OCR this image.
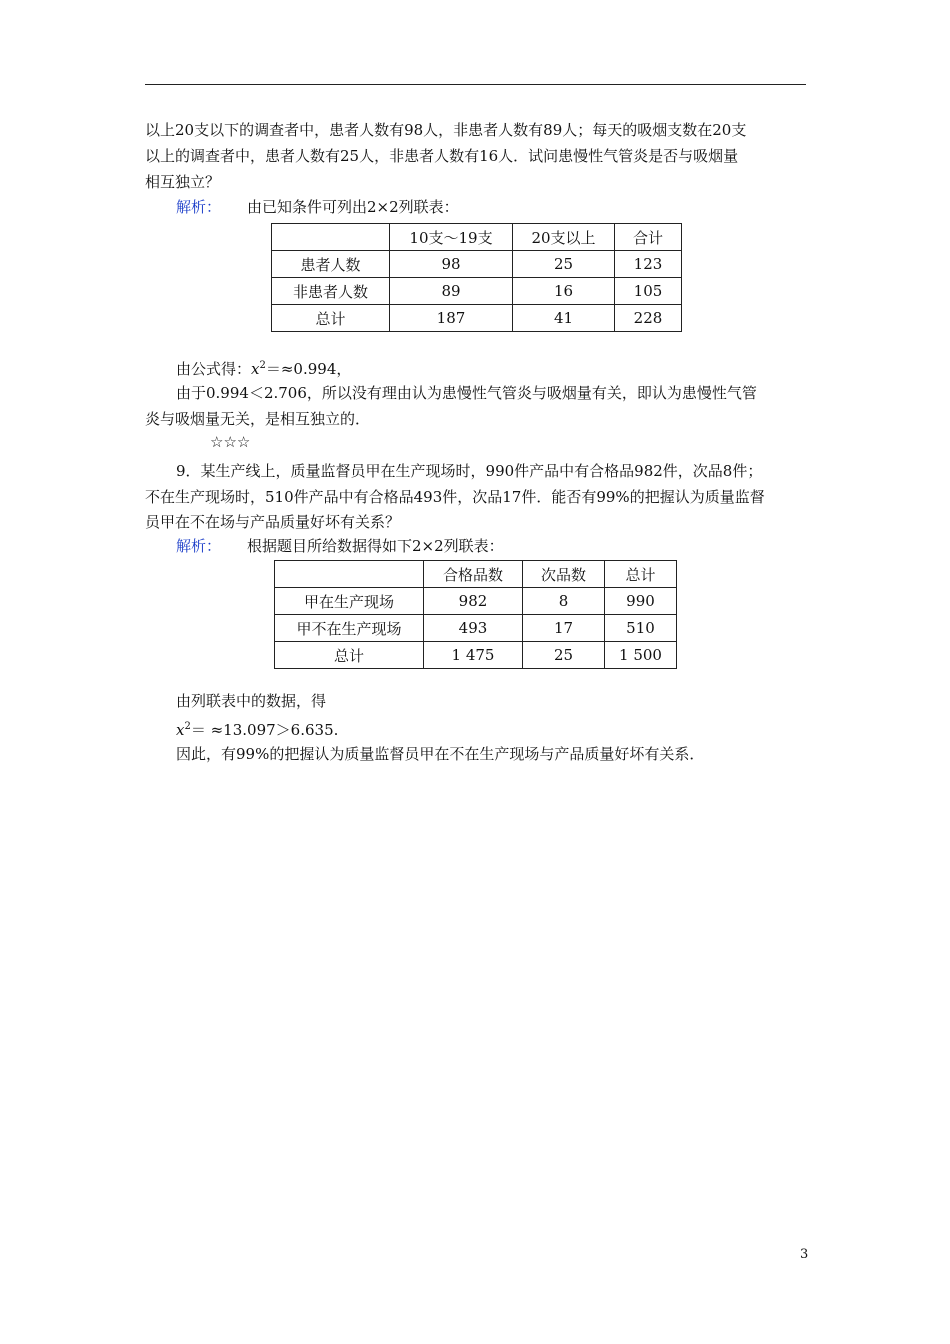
以上20支以下的调查者中，患者人数有98人，非患者人数有89人；每天的吸烟支数在20支
以上的调查者中，患者人数有25人，非患者人数有16人．试问患慢性气管炎是否与吸烟量
相互独立？
解析： 由已知条件可列出2×2列联表：
	10支～19支	20支以上	合计
患者人数	98	25	123
非患者人数	89	16	105
总计	187	41	228
由公式得：$x^2=\approx 0.994$，
由于0.994＜2.706，所以没有理由认为患慢性气管炎与吸烟量有关，即认为患慢性气管
炎与吸烟量无关，是相互独立的．
☆☆☆
9．某生产线上，质量监督员甲在生产现场时，990件产品中有合格品982件，次品8件；
不在生产现场时，510件产品中有合格品493件，次品17件．能否有99%的把握认为质量监督
员甲在不在场与产品质量好坏有关系？
解析： 根据题目所给数据得如下2×2列联表：
	合格品数	次品数	总计
甲在生产现场	982	8	990
甲不在生产现场	493	17	510
总计	1 475	25	1 500
由列联表中的数据，得
$x^2= \approx 13.097>6.635$.
因此，有99%的把握认为质量监督员甲在不在生产现场与产品质量好坏有关系．
3
